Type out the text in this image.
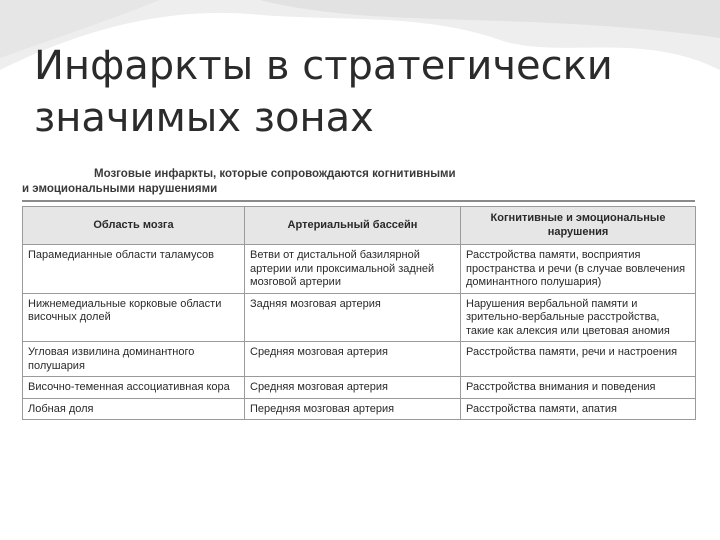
Инфаркты в стратегически
значимых зонах
Мозговые инфаркты, которые сопровождаются когнитивными
и эмоциональными нарушениями
Область мозга	Артериальный бассейн	Когнитивные и эмоциональные нарушения
Парамедианные области таламусов	Ветви от дистальной базилярной артерии или проксимальной задней мозговой артерии	Расстройства памяти, восприятия пространства и речи (в случае вовлечения доминантного полушария)
Нижнемедиальные корковые области височных долей	Задняя мозговая артерия	Нарушения вербальной памяти и зрительно-вербальные расстройства, такие как алексия или цветовая аномия
Угловая извилина доминантного полушария	Средняя мозговая артерия	Расстройства памяти, речи и настроения
Височно-теменная ассоциативная кора	Средняя мозговая артерия	Расстройства внимания и поведения
Лобная доля	Передняя мозговая артерия	Расстройства памяти, апатия
